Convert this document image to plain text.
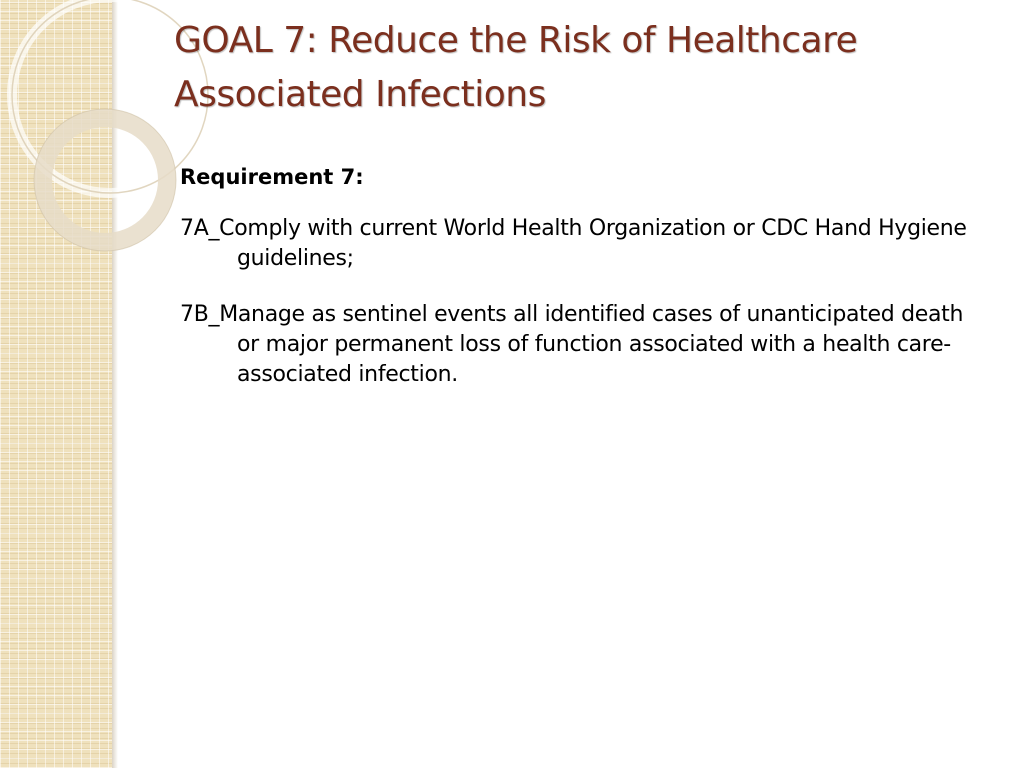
GOAL 7: Reduce the Risk of Healthcare Associated Infections

Requirement 7:

7A_Comply with current World Health Organization or CDC Hand Hygiene guidelines;

7B_Manage as sentinel events all identified cases of unanticipated death or major permanent loss of function associated with a health care-associated infection.
